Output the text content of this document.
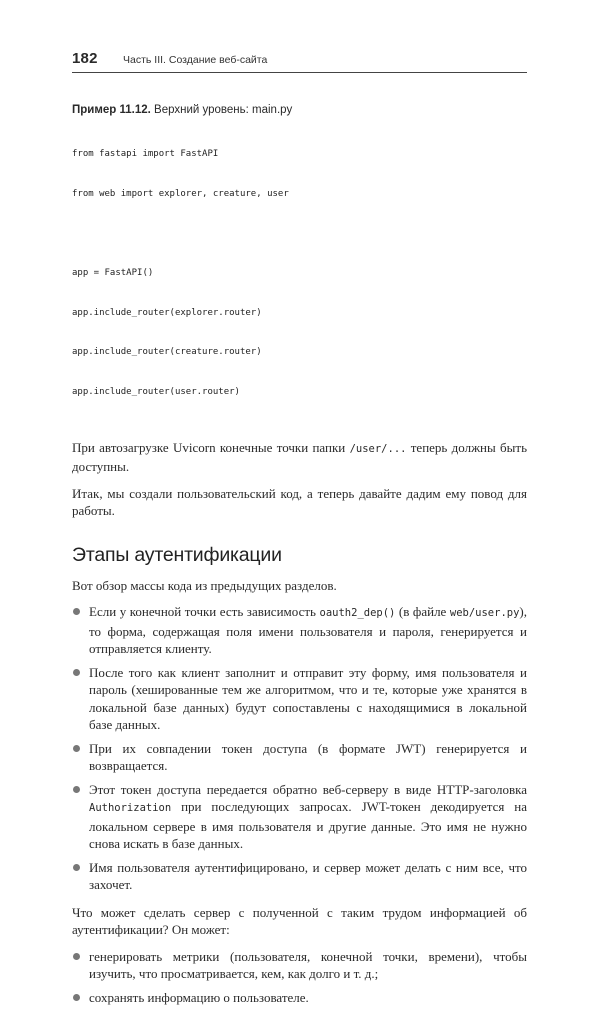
182 Часть III. Создание веб-сайта
Пример 11.12. Верхний уровень: main.py

from fastapi import FastAPI

from web import explorer, creature, user

app = FastAPI()

app.include_router(explorer.router)

app.include_router(creature.router)

app.include_router(user.router)

При автозагрузке Uvicorn конечные точки папки /user/... теперь должны быть доступны.

Итак, мы создали пользовательский код, а теперь давайте дадим ему повод для работы.

Этапы аутентификации

Вот обзор массы кода из предыдущих разделов.

Если у конечной точки есть зависимость oauth2_dep() (в файле web/user.py), то форма, содержащая поля имени пользователя и пароля, генерируется и отправляется клиенту.
После того как клиент заполнит и отправит эту форму, имя пользователя и пароль (хешированные тем же алгоритмом, что и те, которые уже хранятся в локальной базе данных) будут сопоставлены с находящимися в локальной базе данных.
При их совпадении токен доступа (в формате JWT) генерируется и возвращается.
Этот токен доступа передается обратно веб-серверу в виде HTTP-заголовка Authorization при последующих запросах. JWT-токен декодируется на локальном сервере в имя пользователя и другие данные. Это имя не нужно снова искать в базе данных.
Имя пользователя аутентифицировано, и сервер может делать с ним все, что захочет.

Что может сделать сервер с полученной с таким трудом информацией об аутентификации? Он может:

генерировать метрики (пользователя, конечной точки, времени), чтобы изучить, что просматривается, кем, как долго и т. д.;
сохранять информацию о пользователе.
